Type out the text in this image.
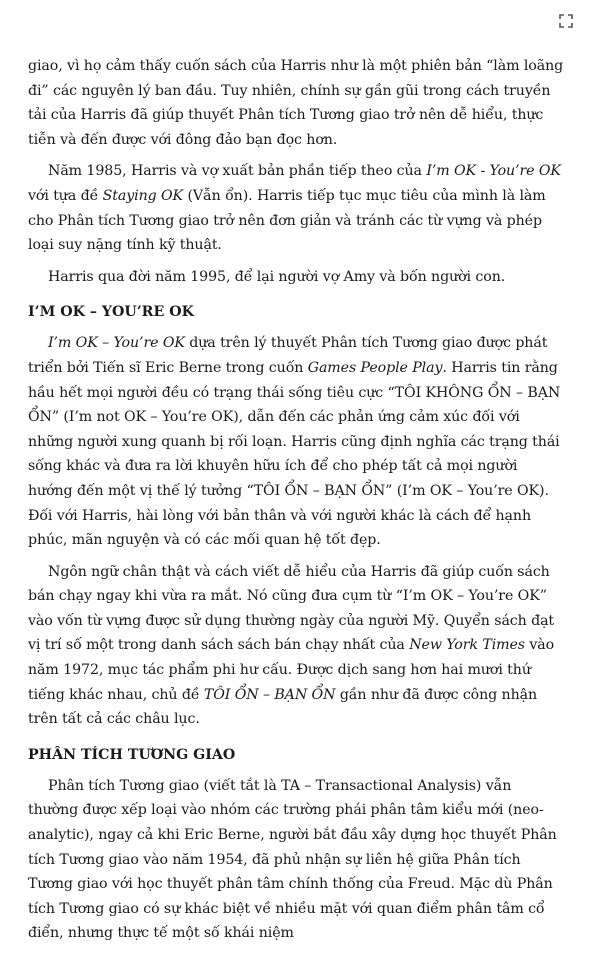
giao, vì họ cảm thấy cuốn sách của Harris như là một phiên bản “làm loãng đi” các nguyên lý ban đầu. Tuy nhiên, chính sự gần gũi trong cách truyền tải của Harris đã giúp thuyết Phân tích Tương giao trở nên dễ hiểu, thực tiễn và đến được với đông đảo bạn đọc hơn.

Năm 1985, Harris và vợ xuất bản phần tiếp theo của I’m OK - You’re OK với tựa đề Staying OK (Vẫn ổn). Harris tiếp tục mục tiêu của mình là làm cho Phân tích Tương giao trở nên đơn giản và tránh các từ vựng và phép loại suy nặng tính kỹ thuật.

Harris qua đời năm 1995, để lại người vợ Amy và bốn người con.

I’M OK – YOU’RE OK

I’m OK – You’re OK dựa trên lý thuyết Phân tích Tương giao được phát triển bởi Tiến sĩ Eric Berne trong cuốn Games People Play. Harris tin rằng hầu hết mọi người đều có trạng thái sống tiêu cực “TÔI KHÔNG ỔN – BẠN ỔN” (I’m not OK – You’re OK), dẫn đến các phản ứng cảm xúc đối với những người xung quanh bị rối loạn. Harris cũng định nghĩa các trạng thái sống khác và đưa ra lời khuyên hữu ích để cho phép tất cả mọi người hướng đến một vị thế lý tưởng “TÔI ỔN – BẠN ỔN” (I’m OK – You’re OK). Đối với Harris, hài lòng với bản thân và với người khác là cách để hạnh phúc, mãn nguyện và có các mối quan hệ tốt đẹp.

Ngôn ngữ chân thật và cách viết dễ hiểu của Harris đã giúp cuốn sách bán chạy ngay khi vừa ra mắt. Nó cũng đưa cụm từ “I’m OK – You’re OK” vào vốn từ vựng được sử dụng thường ngày của người Mỹ. Quyển sách đạt vị trí số một trong danh sách sách bán chạy nhất của New York Times vào năm 1972, mục tác phẩm phi hư cấu. Được dịch sang hơn hai mươi thứ tiếng khác nhau, chủ đề TÔI ỔN – BẠN ỔN gần như đã được công nhận trên tất cả các châu lục.

PHÂN TÍCH TƯƠNG GIAO

Phân tích Tương giao (viết tắt là TA – Transactional Analysis) vẫn thường được xếp loại vào nhóm các trường phái phân tâm kiểu mới (neo-analytic), ngay cả khi Eric Berne, người bắt đầu xây dựng học thuyết Phân tích Tương giao vào năm 1954, đã phủ nhận sự liên hệ giữa Phân tích Tương giao với học thuyết phân tâm chính thống của Freud. Mặc dù Phân tích Tương giao có sự khác biệt về nhiều mặt với quan điểm phân tâm cổ điển, nhưng thực tế một số khái niệm
